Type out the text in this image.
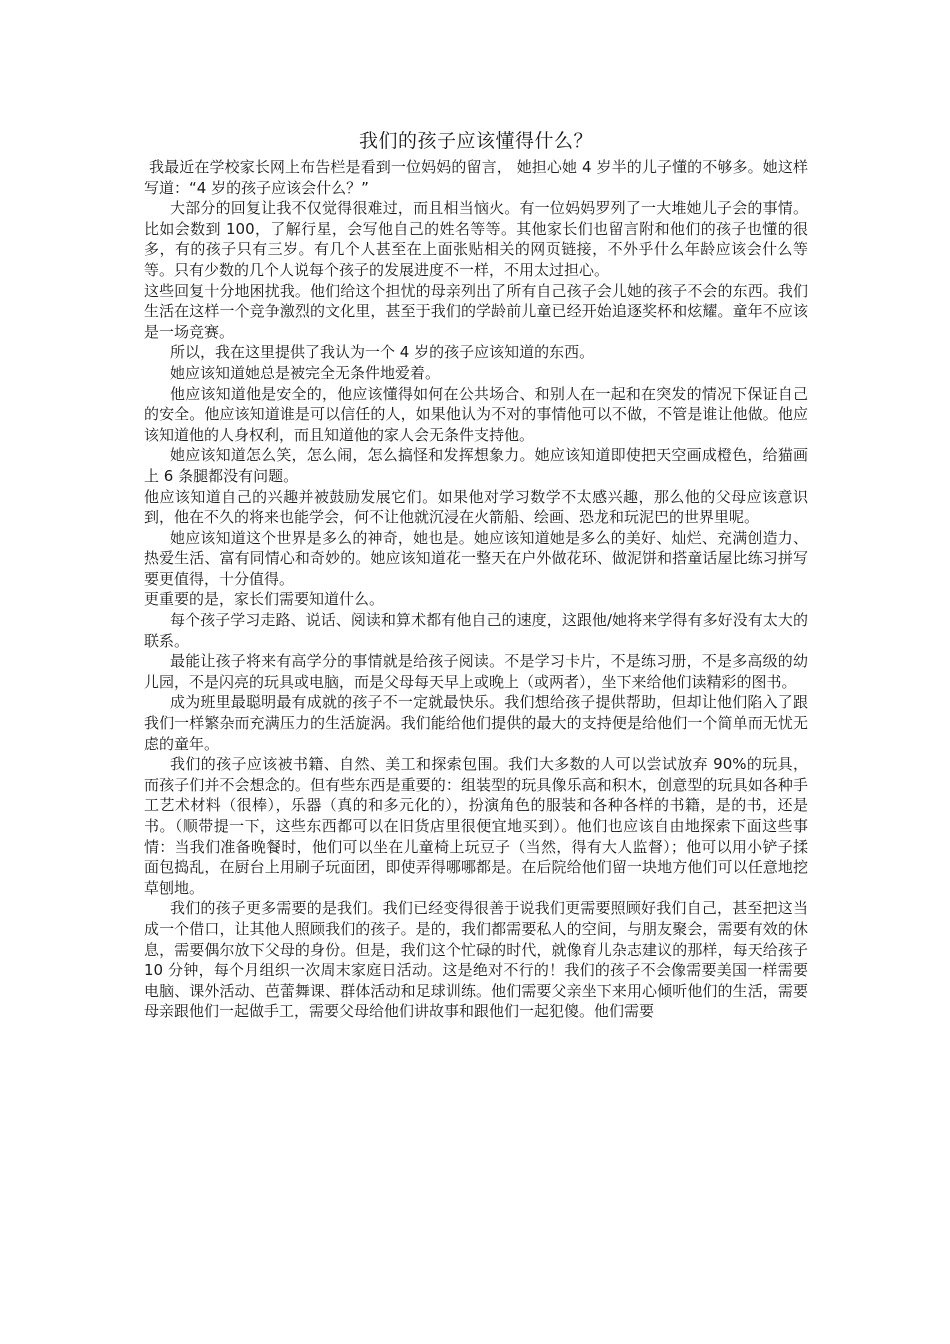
我们的孩子应该懂得什么？

我最近在学校家长网上布告栏是看到一位妈妈的留言， 她担心她 4 岁半的儿子懂的不够多。她这样写道：“4 岁的孩子应该会什么？”

大部分的回复让我不仅觉得很难过，而且相当恼火。有一位妈妈罗列了一大堆她儿子会的事情。比如会数到 100，了解行星，会写他自己的姓名等等。其他家长们也留言附和他们的孩子也懂的很多，有的孩子只有三岁。有几个人甚至在上面张贴相关的网页链接，不外乎什么年龄应该会什么等等。只有少数的几个人说每个孩子的发展进度不一样，不用太过担心。

这些回复十分地困扰我。他们给这个担忧的母亲列出了所有自己孩子会儿她的孩子不会的东西。我们生活在这样一个竞争激烈的文化里，甚至于我们的学龄前儿童已经开始追逐奖杯和炫耀。童年不应该是一场竞赛。

所以，我在这里提供了我认为一个 4 岁的孩子应该知道的东西。

她应该知道她总是被完全无条件地爱着。

他应该知道他是安全的，他应该懂得如何在公共场合、和别人在一起和在突发的情况下保证自己的安全。他应该知道谁是可以信任的人，如果他认为不对的事情他可以不做，不管是谁让他做。他应该知道他的人身权利，而且知道他的家人会无条件支持他。

她应该知道怎么笑，怎么闹，怎么搞怪和发挥想象力。她应该知道即使把天空画成橙色，给猫画上 6 条腿都没有问题。

他应该知道自己的兴趣并被鼓励发展它们。如果他对学习数学不太感兴趣，那么他的父母应该意识到，他在不久的将来也能学会，何不让他就沉浸在火箭船、绘画、恐龙和玩泥巴的世界里呢。

她应该知道这个世界是多么的神奇，她也是。她应该知道她是多么的美好、灿烂、充满创造力、热爱生活、富有同情心和奇妙的。她应该知道花一整天在户外做花环、做泥饼和搭童话屋比练习拼写要更值得，十分值得。

更重要的是，家长们需要知道什么。

每个孩子学习走路、说话、阅读和算术都有他自己的速度，这跟他/她将来学得有多好没有太大的联系。

最能让孩子将来有高学分的事情就是给孩子阅读。不是学习卡片，不是练习册，不是多高级的幼儿园，不是闪亮的玩具或电脑，而是父母每天早上或晚上（或两者），坐下来给他们读精彩的图书。

成为班里最聪明最有成就的孩子不一定就最快乐。我们想给孩子提供帮助，但却让他们陷入了跟我们一样繁杂而充满压力的生活旋涡。我们能给他们提供的最大的支持便是给他们一个简单而无忧无虑的童年。

我们的孩子应该被书籍、自然、美工和探索包围。我们大多数的人可以尝试放弃 90%的玩具，而孩子们并不会想念的。但有些东西是重要的：组装型的玩具像乐高和积木，创意型的玩具如各种手工艺术材料（很棒），乐器（真的和多元化的），扮演角色的服装和各种各样的书籍，是的书，还是书。（顺带提一下，这些东西都可以在旧货店里很便宜地买到）。他们也应该自由地探索下面这些事情：当我们准备晚餐时，他们可以坐在儿童椅上玩豆子（当然，得有大人监督）；他可以用小铲子揉面包捣乱，在厨台上用刷子玩面团，即使弄得哪哪都是。在后院给他们留一块地方他们可以任意地挖草刨地。

我们的孩子更多需要的是我们。我们已经变得很善于说我们更需要照顾好我们自己，甚至把这当成一个借口，让其他人照顾我们的孩子。是的，我们都需要私人的空间，与朋友聚会，需要有效的休息，需要偶尔放下父母的身份。但是，我们这个忙碌的时代，就像育儿杂志建议的那样，每天给孩子 10 分钟，每个月组织一次周末家庭日活动。这是绝对不行的！我们的孩子不会像需要美国一样需要电脑、课外活动、芭蕾舞课、群体活动和足球训练。他们需要父亲坐下来用心倾听他们的生活，需要母亲跟他们一起做手工，需要父母给他们讲故事和跟他们一起犯傻。他们需要
